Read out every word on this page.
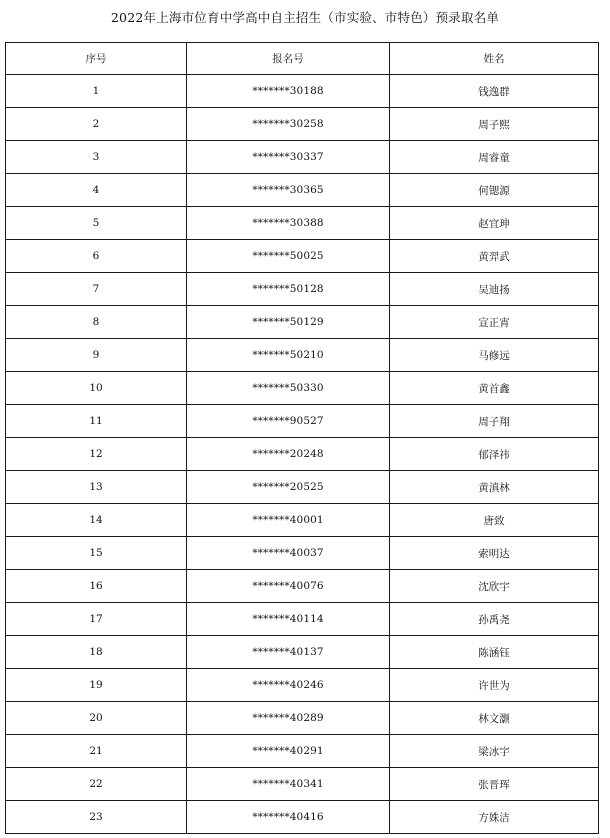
2022年上海市位育中学高中自主招生（市实验、市特色）预录取名单
序号	报名号	姓名
1	*******30188	钱逸群
2	*******30258	周子熙
3	*******30337	周睿童
4	*******30365	何锶源
5	*******30388	赵宜珅
6	*******50025	黄羿武
7	*******50128	吴迪扬
8	*******50129	宣正宵
9	*******50210	马修远
10	*******50330	黄首鑫
11	*******90527	周子翔
12	*******20248	郁泽祎
13	*******20525	黄滇林
14	*******40001	唐致
15	*******40037	索明达
16	*******40076	沈欣宇
17	*******40114	孙禹尧
18	*******40137	陈涵钰
19	*******40246	许世为
20	*******40289	林文灏
21	*******40291	梁冰宇
22	*******40341	张晋珲
23	*******40416	方姝洁
